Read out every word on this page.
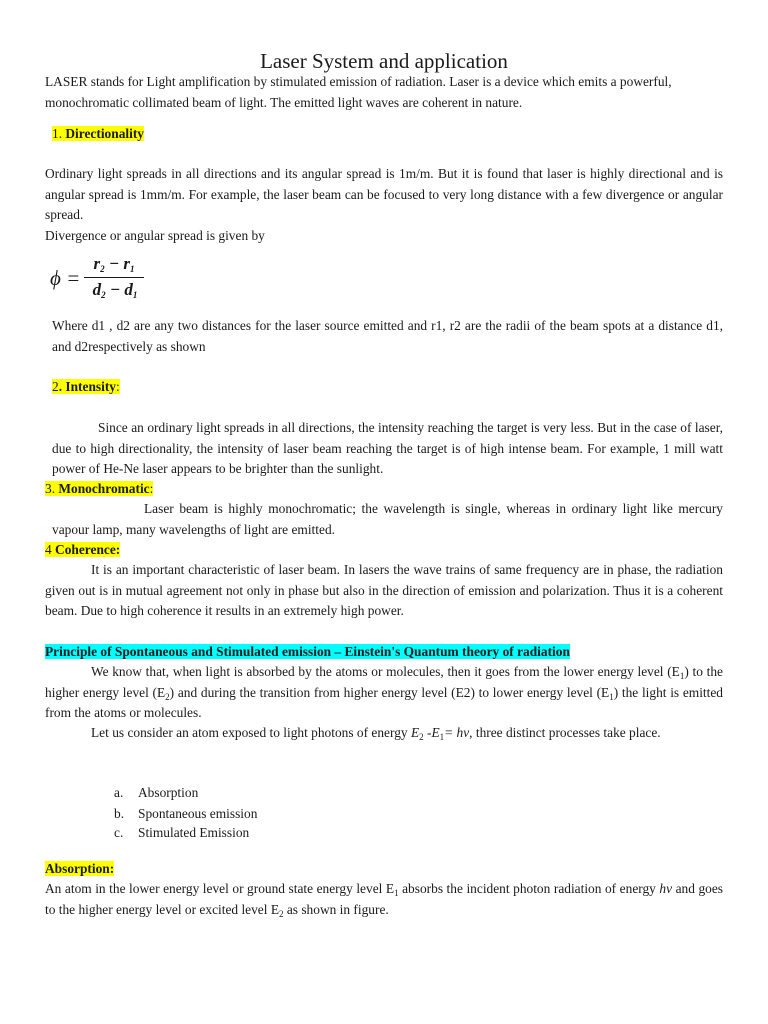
Laser System and application
LASER stands for Light amplification by stimulated emission of radiation. Laser is a device which emits a powerful, monochromatic collimated beam of light. The emitted light waves are coherent in nature.
1. Directionality
Ordinary light spreads in all directions and its angular spread is 1m/m. But it is found that laser is highly directional and is angular spread is 1mm/m. For example, the laser beam can be focused to very long distance with a few divergence or angular spread.
Divergence or angular spread is given by
ϕ =
$r_2 - r_1$
$d_2 - d_1$
Where d1 , d2 are any two distances for the laser source emitted and r1, r2 are the radii of the beam spots at a distance d1, and d2respectively as shown
2. Intensity:
Since an ordinary light spreads in all directions, the intensity reaching the target is very less. But in the case of laser, due to high directionality, the intensity of laser beam reaching the target is of high intense beam. For example, 1 mill watt power of He-Ne laser appears to be brighter than the sunlight.
3. Monochromatic:
Laser beam is highly monochromatic; the wavelength is single, whereas in ordinary light like mercury vapour lamp, many wavelengths of light are emitted.
4 Coherence:
It is an important characteristic of laser beam. In lasers the wave trains of same frequency are in phase, the radiation given out is in mutual agreement not only in phase but also in the direction of emission and polarization. Thus it is a coherent beam. Due to high coherence it results in an extremely high power.
Principle of Spontaneous and Stimulated emission – Einstein's Quantum theory of radiation
We know that, when light is absorbed by the atoms or molecules, then it goes from the lower energy level $(E_1)$ to the higher energy level $(E_2)$ and during the transition from higher energy level (E2) to lower energy level $(E_1)$ the light is emitted from the atoms or molecules.
Let us consider an atom exposed to light photons of energy $E_2$ $-E_1= h\nu$, three distinct processes take place.
a. Absorption
b. Spontaneous emission
c. Stimulated Emission
Absorption:
An atom in the lower energy level or ground state energy level $E_1$ absorbs the incident photon radiation of energy hν and goes to the higher energy level or excited level $E_2$ as shown in figure.
